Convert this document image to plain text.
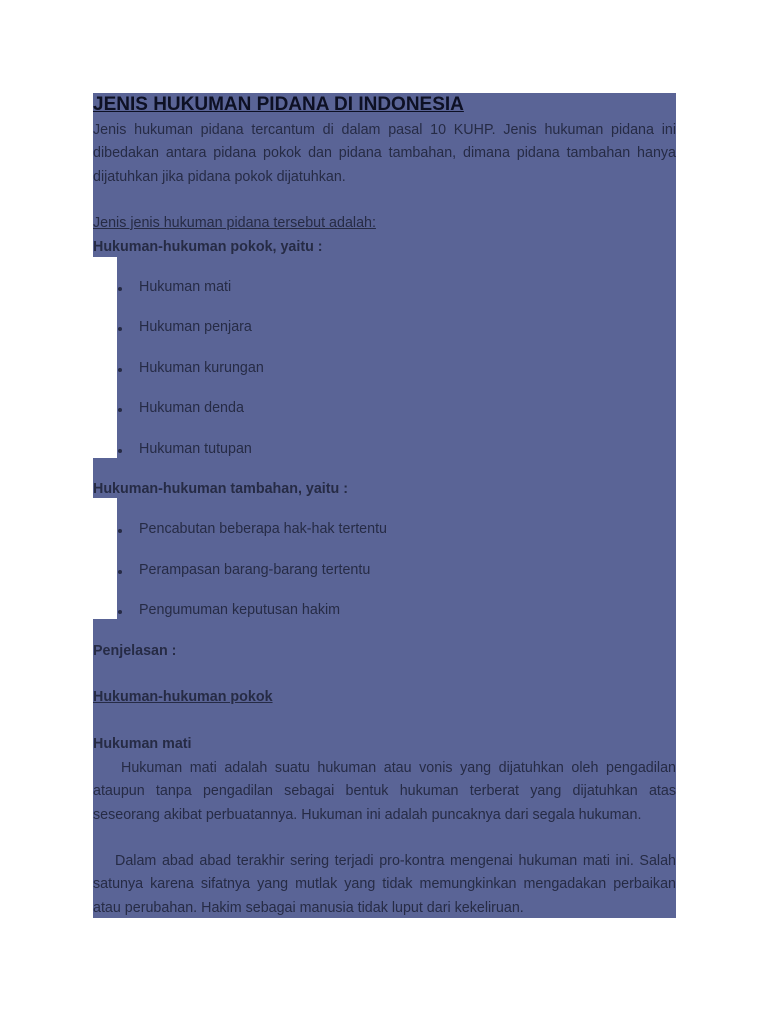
JENIS HUKUMAN PIDANA DI INDONESIA

Jenis hukuman pidana tercantum di dalam pasal 10 KUHP. Jenis hukuman pidana ini dibedakan antara pidana pokok dan pidana tambahan, dimana pidana tambahan hanya dijatuhkan jika pidana pokok dijatuhkan.

Jenis jenis hukuman pidana tersebut adalah:

Hukuman-hukuman pokok, yaitu :

Hukuman mati

Hukuman penjara

Hukuman kurungan

Hukuman denda

Hukuman tutupan

Hukuman-hukuman tambahan, yaitu :

Pencabutan beberapa hak-hak tertentu

Perampasan barang-barang tertentu

Pengumuman keputusan hakim

Penjelasan :

Hukuman-hukuman pokok

Hukuman mati

Hukuman mati adalah suatu hukuman atau vonis yang dijatuhkan oleh pengadilan ataupun tanpa pengadilan sebagai bentuk hukuman terberat yang dijatuhkan atas seseorang akibat perbuatannya. Hukuman ini adalah puncaknya dari segala hukuman.

Dalam abad abad terakhir sering terjadi pro-kontra mengenai hukuman mati ini. Salah satunya karena sifatnya yang mutlak yang tidak memungkinkan mengadakan perbaikan atau perubahan. Hakim sebagai manusia tidak luput dari kekeliruan.
